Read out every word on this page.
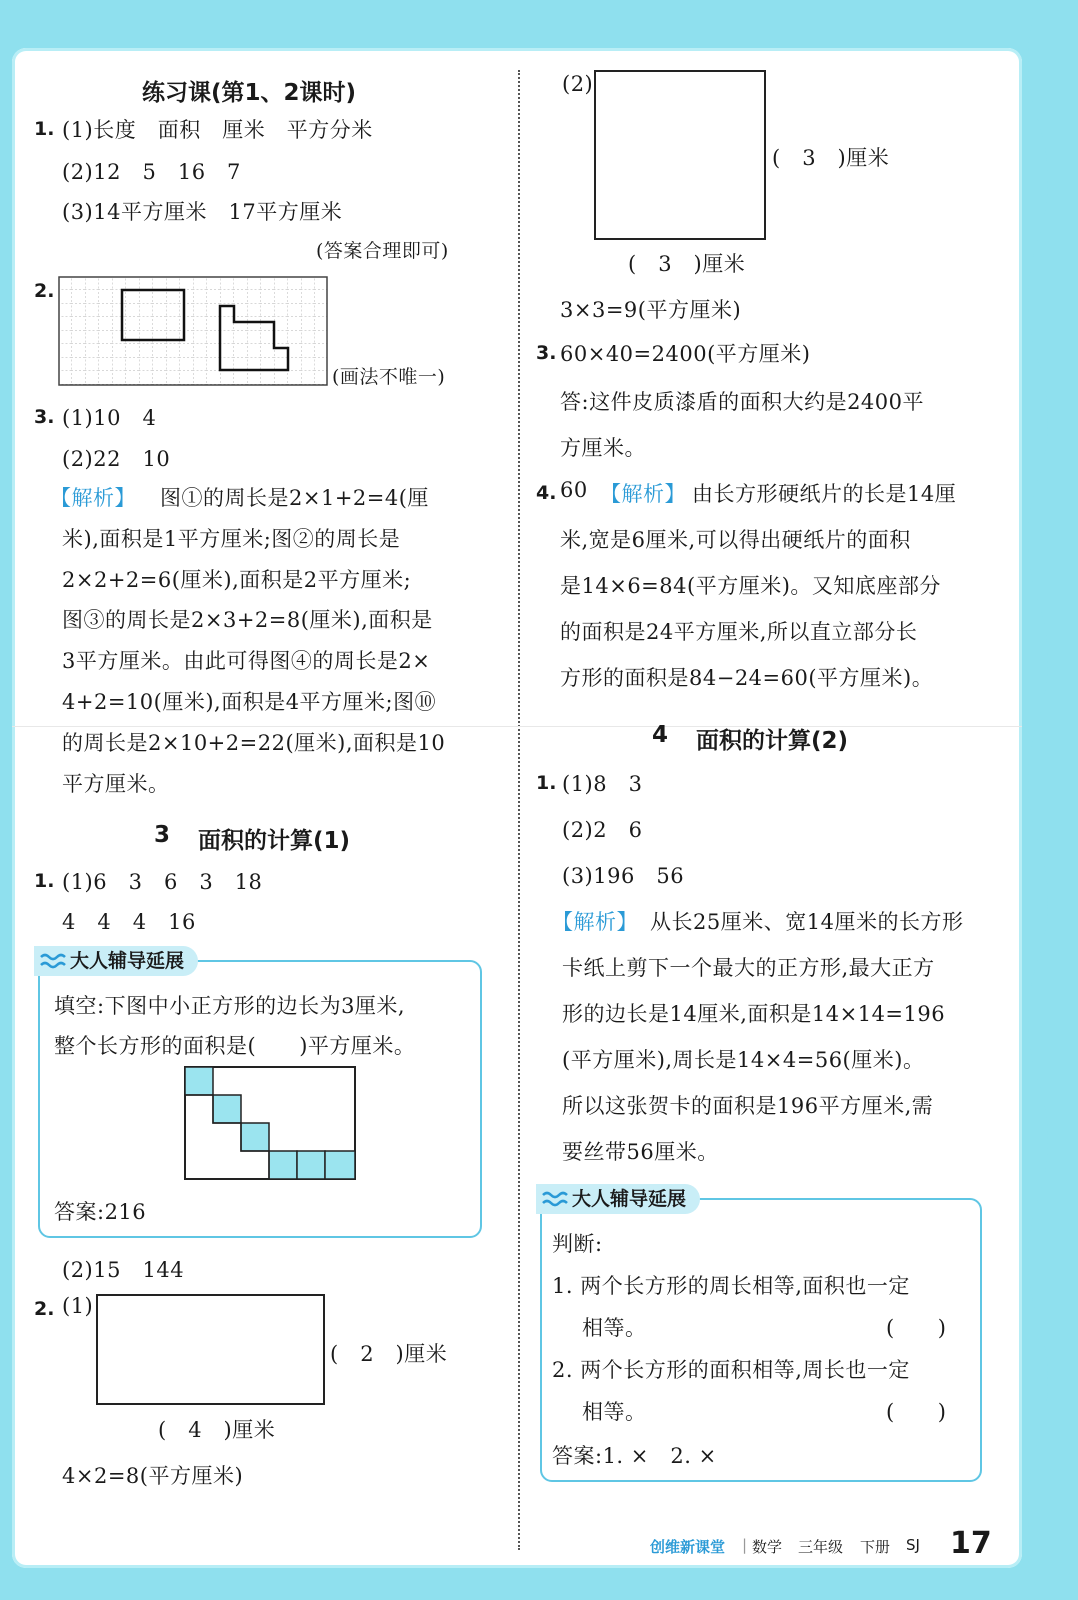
练习课(第1、2课时)
1. (1)长度　面积　厘米　平方分米
(2)12　5　16　7
(3)14平方厘米　17平方厘米
(答案合理即可)
2.
(画法不唯一)
3. (1)10　4
(2)22　10
【解析】 图①的周长是2×1+2=4(厘
米),面积是1平方厘米;图②的周长是
2×2+2=6(厘米),面积是2平方厘米;
图③的周长是2×3+2=8(厘米),面积是
3平方厘米。由此可得图④的周长是2×
4+2=10(厘米),面积是4平方厘米;图⑩
的周长是2×10+2=22(厘米),面积是10
平方厘米。
3 面积的计算(1)
1. (1)6　3　6　3　18
4　4　4　16
大人辅导延展
填空:下图中小正方形的边长为3厘米,
整个长方形的面积是(　　)平方厘米。
答案:216
(2)15　144
2. (1)
(　2　)厘米
(　4　)厘米
4×2=8(平方厘米)
(2)
(　3　)厘米
(　3　)厘米
3×3=9(平方厘米)
3. 60×40=2400(平方厘米)
答:这件皮质漆盾的面积大约是2400平
方厘米。
4. 60 【解析】 由长方形硬纸片的长是14厘
米,宽是6厘米,可以得出硬纸片的面积
是14×6=84(平方厘米)。又知底座部分
的面积是24平方厘米,所以直立部分长
方形的面积是84−24=60(平方厘米)。
4 面积的计算(2)
1. (1)8　3
(2)2　6
(3)196　56
【解析】 从长25厘米、宽14厘米的长方形
卡纸上剪下一个最大的正方形,最大正方
形的边长是14厘米,面积是14×14=196
(平方厘米),周长是14×4=56(厘米)。
所以这张贺卡的面积是196平方厘米,需
要丝带56厘米。
大人辅导延展
判断:
1. 两个长方形的周长相等,面积也一定
相等。	(　　)
2. 两个长方形的面积相等,周长也一定
相等。	(　　)
答案:1. ×　2. ×
创维新课堂 | 数学 三年级 下册 SJ 17
